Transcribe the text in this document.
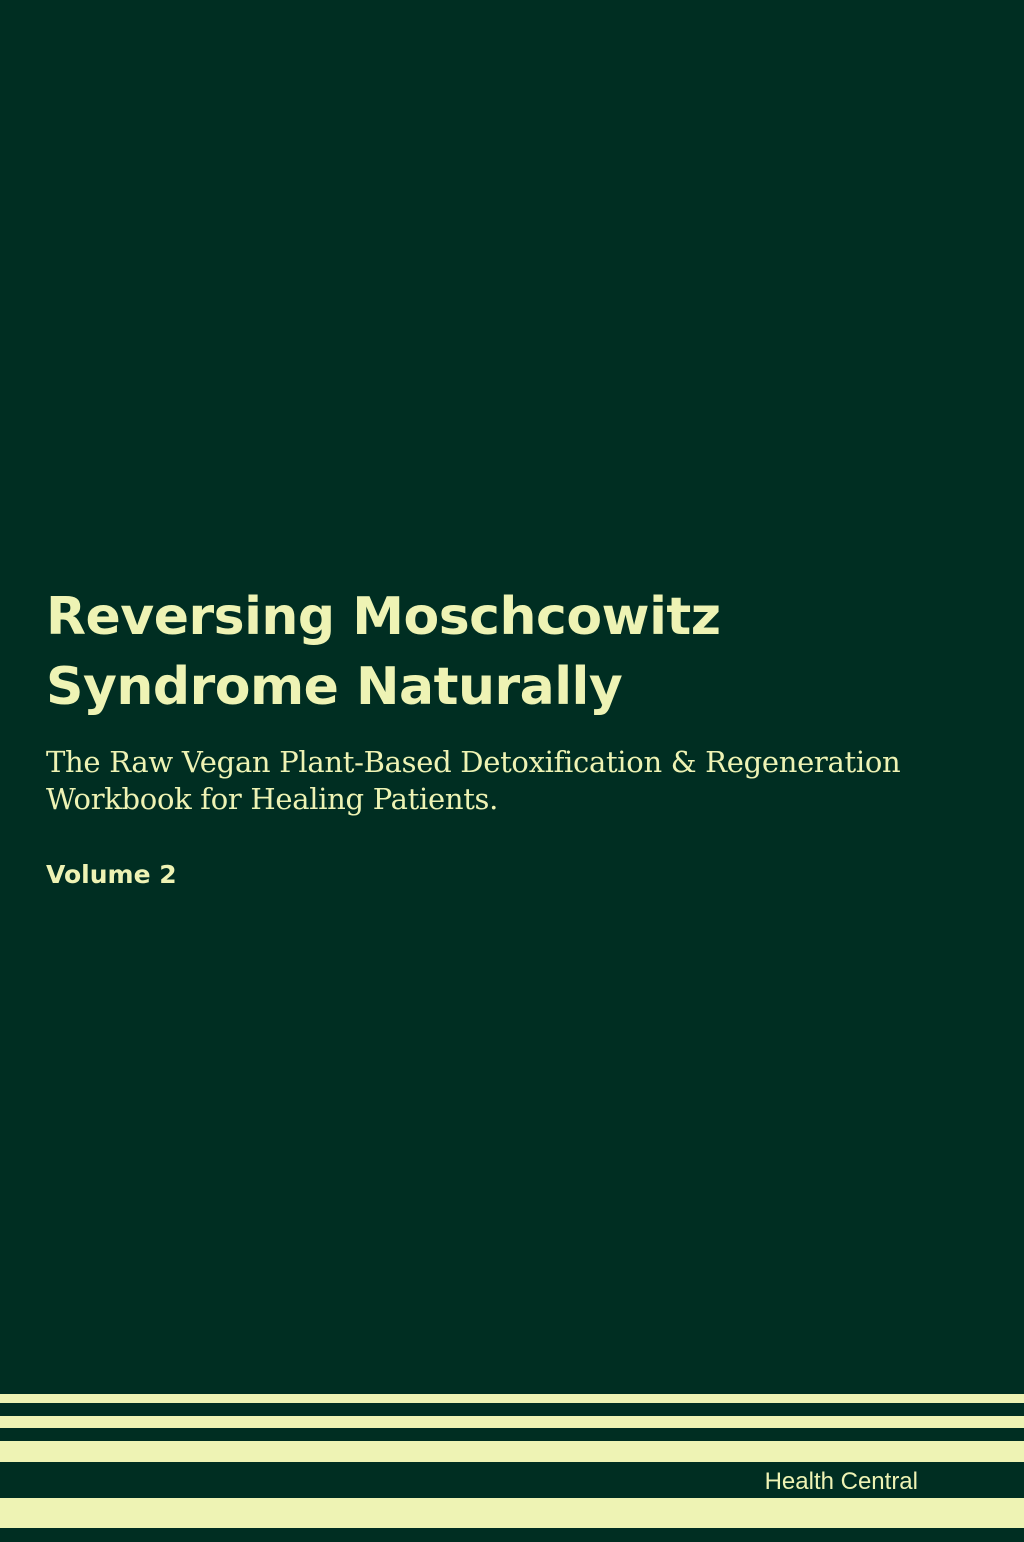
Reversing Moschcowitz Syndrome Naturally

The Raw Vegan Plant-Based Detoxification & Regeneration Workbook for Healing Patients.

Volume 2

Health Central
